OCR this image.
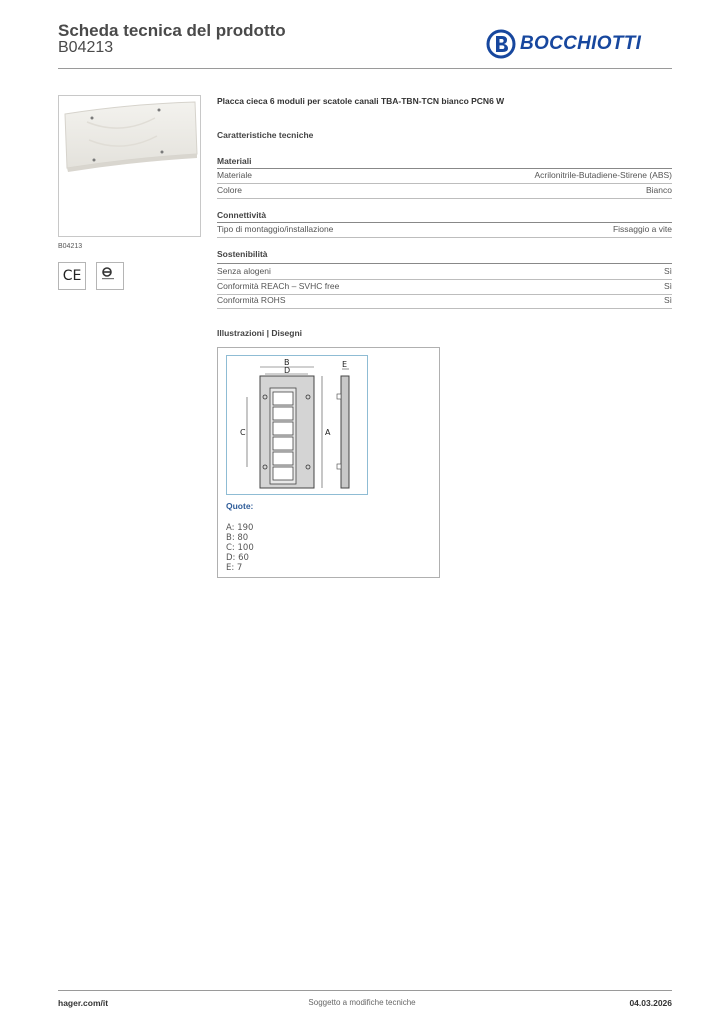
Scheda tecnica del prodotto
B04213	BOCCHIOTTI
B04213
CE
Placca cieca 6 moduli per scatole canali TBA-TBN-TCN bianco PCN6 W
Caratteristiche tecniche
Materiali
Materiale	Acrilonitrile-Butadiene-Stirene (ABS)
Colore	Bianco
Connettività
Tipo di montaggio/installazione	Fissaggio a vite
Sostenibilità
Senza alogeni	Sì
Conformità REACh – SVHC free	Sì
Conformità ROHS	Sì
Illustrazioni | Disegni
B
D
E
C	A
Quote:
A: 190
B: 80
C: 100
D: 60
E: 7
hager.com/it	Soggetto a modifiche tecniche	04.03.2026
